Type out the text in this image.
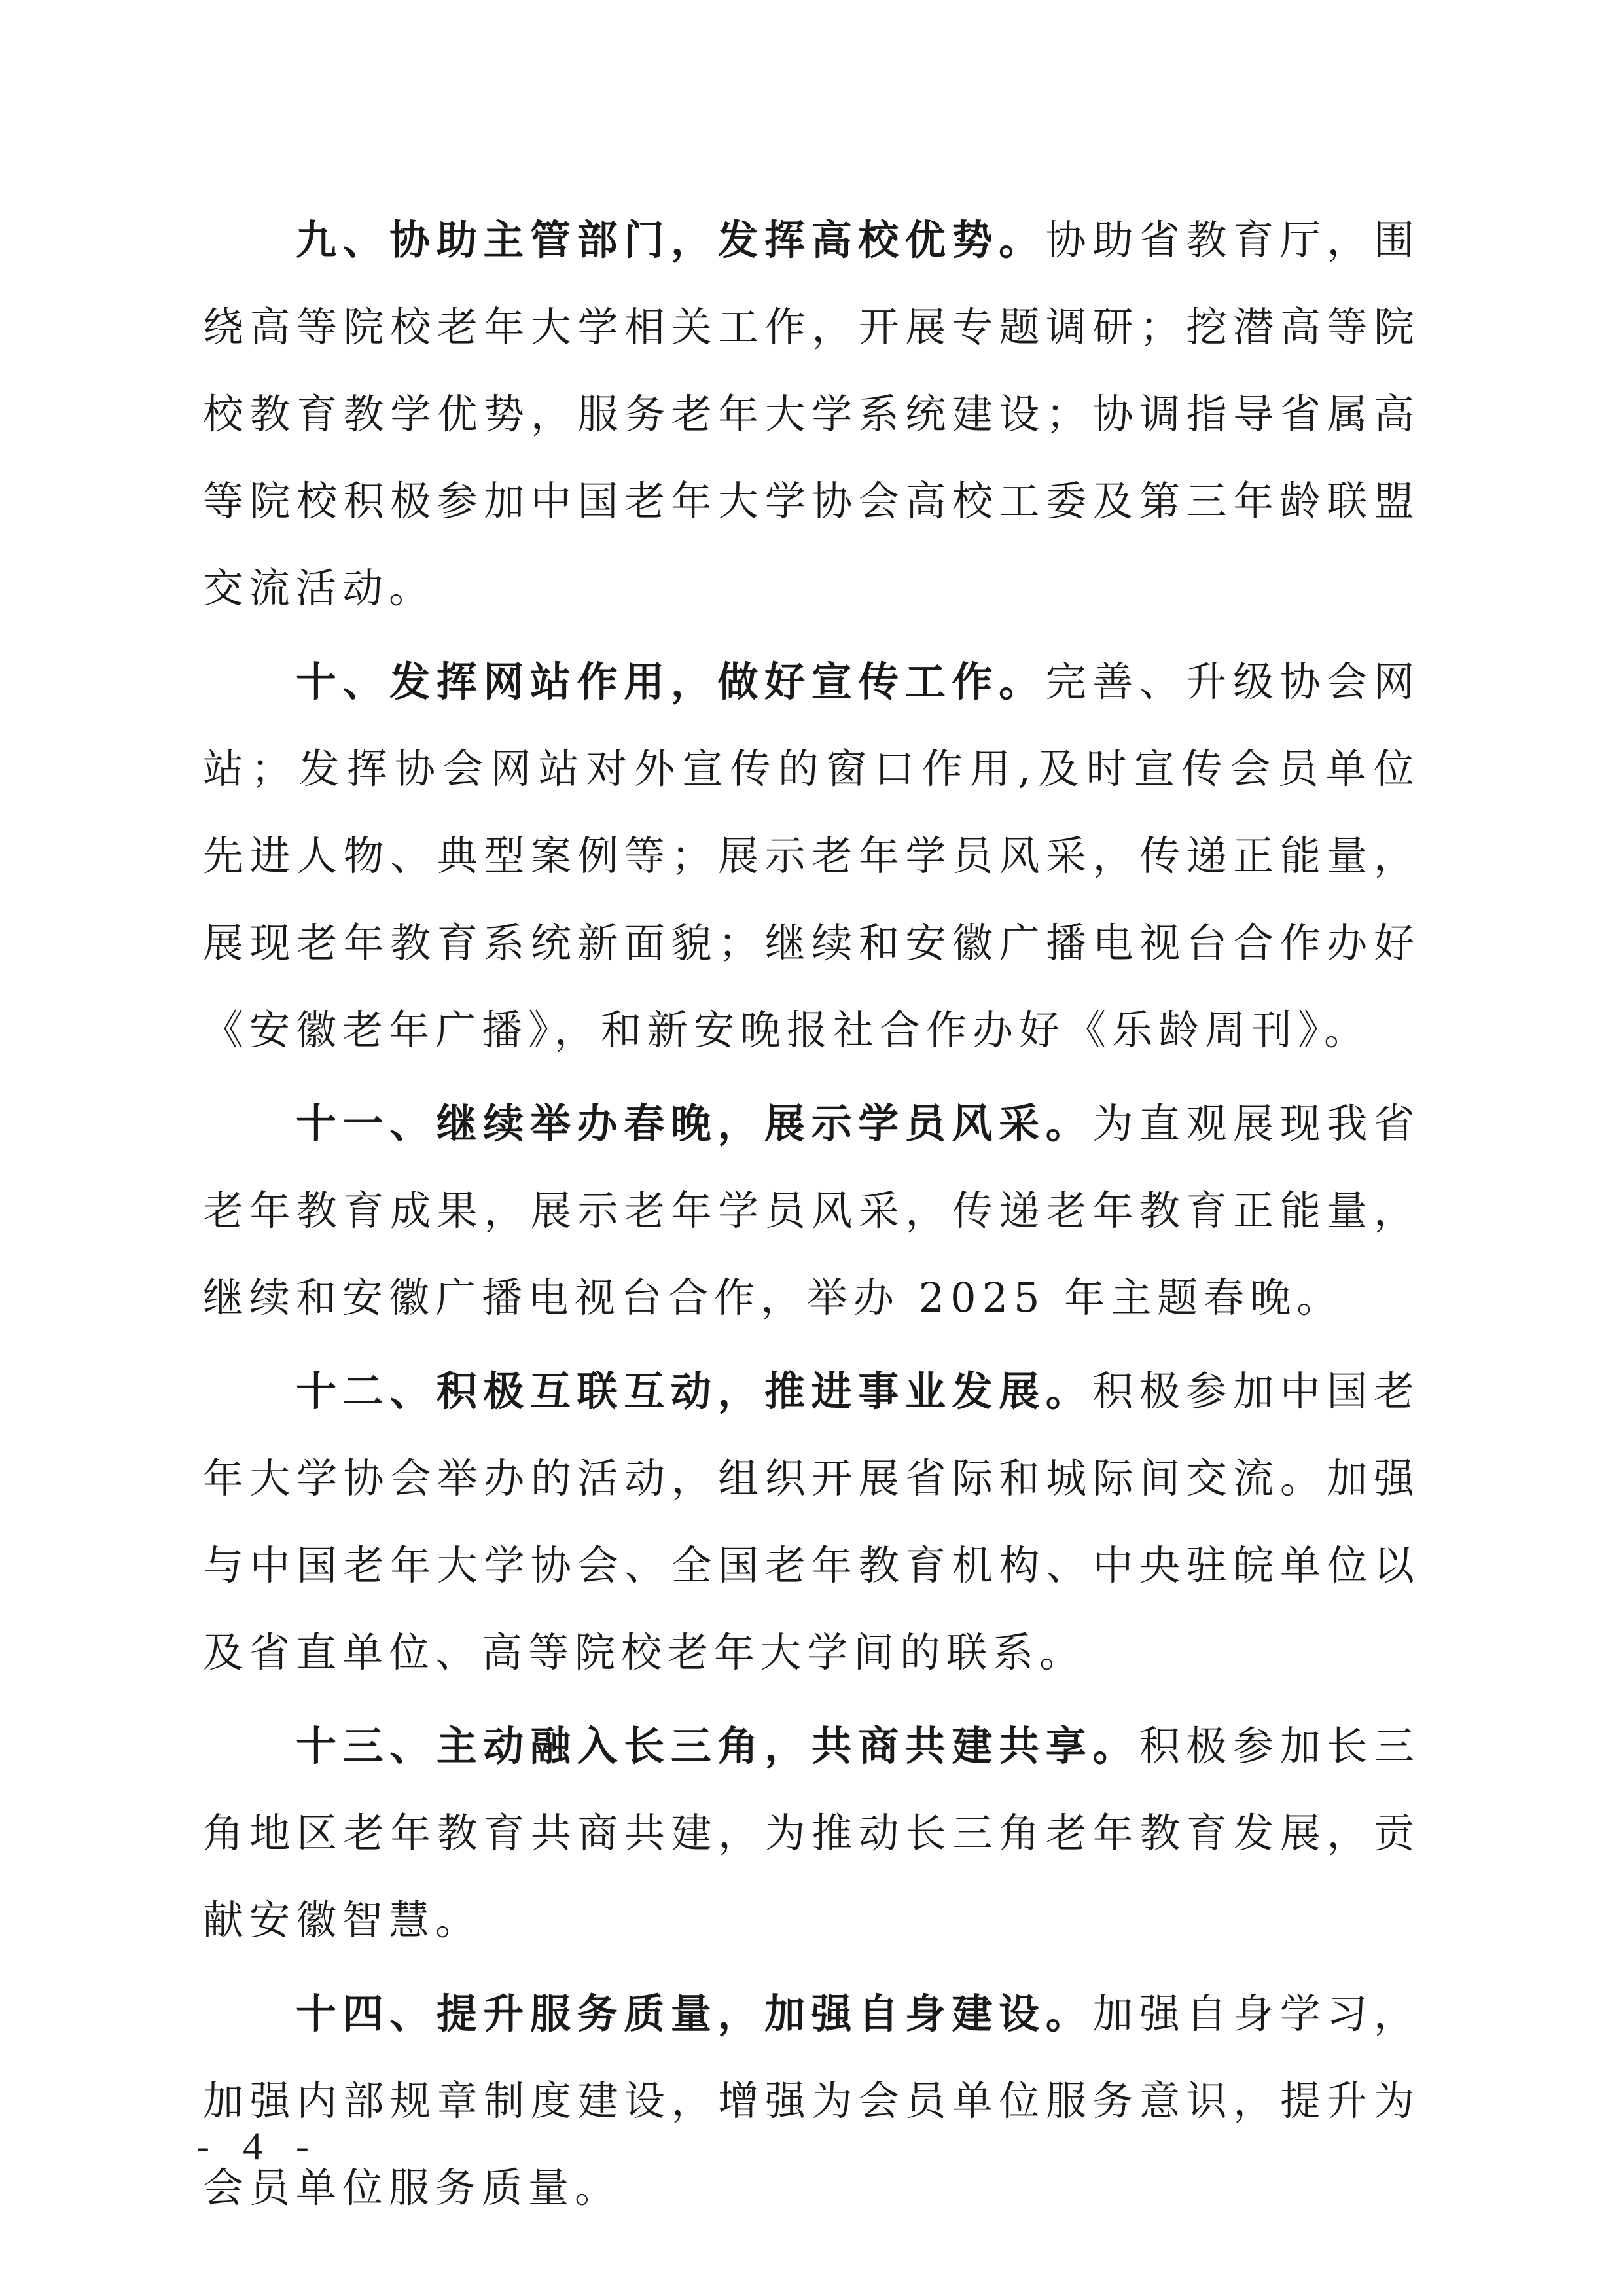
九、协助主管部门，发挥高校优势。协助省教育厅，围绕高等院校老年大学相关工作，开展专题调研；挖潜高等院校教育教学优势，服务老年大学系统建设；协调指导省属高等院校积极参加中国老年大学协会高校工委及第三年龄联盟交流活动。

十、发挥网站作用，做好宣传工作。完善、升级协会网站；发挥协会网站对外宣传的窗口作用,及时宣传会员单位先进人物、典型案例等；展示老年学员风采，传递正能量，展现老年教育系统新面貌；继续和安徽广播电视台合作办好《安徽老年广播》，和新安晚报社合作办好《乐龄周刊》。

十一、继续举办春晚，展示学员风采。为直观展现我省老年教育成果，展示老年学员风采，传递老年教育正能量，继续和安徽广播电视台合作，举办 2025 年主题春晚。

十二、积极互联互动，推进事业发展。积极参加中国老年大学协会举办的活动，组织开展省际和城际间交流。加强与中国老年大学协会、全国老年教育机构、中央驻皖单位以及省直单位、高等院校老年大学间的联系。

十三、主动融入长三角，共商共建共享。积极参加长三角地区老年教育共商共建，为推动长三角老年教育发展，贡献安徽智慧。

十四、提升服务质量，加强自身建设。加强自身学习，加强内部规章制度建设，增强为会员单位服务意识，提升为会员单位服务质量。

- 4 -
